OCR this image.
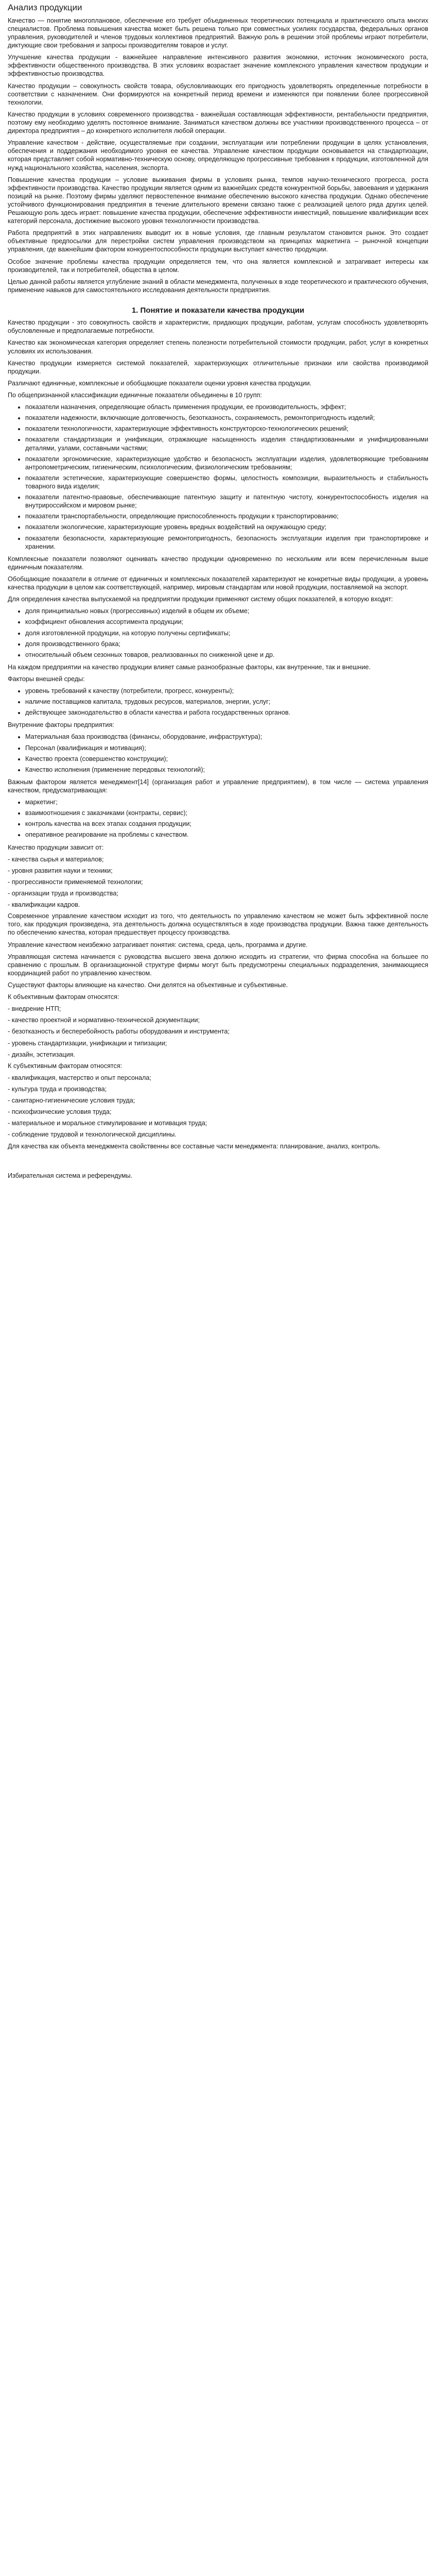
Анализ продукции

Качество — понятие многоплановое, обеспечение его требует объединенных теоретических потенциала и практического опыта многих специалистов. Проблема повышения качества может быть решена только при совместных усилиях государства, федеральных органов управления, руководителей и членов трудовых коллективов предприятий. Важную роль в решении этой проблемы играют потребители, диктующие свои требования и запросы производителям товаров и услуг.

Улучшение качества продукции - важнейшее направление интенсивного развития экономики, источник экономического роста, эффективности общественного производства. В этих условиях возрастает значение комплексного управления качеством продукции и эффективностью производства.

Качество продукции – совокупность свойств товара, обусловливающих его пригодность удовлетворять определенные потребности в соответствии с назначением. Они формируются на конкретный период времени и изменяются при появлении более прогрессивной технологии.

Качество продукции в условиях современного производства - важнейшая составляющая эффективности, рентабельности предприятия, поэтому ему необходимо уделять постоянное внимание. Заниматься качеством должны все участники производственного процесса – от директора предприятия – до конкретного исполнителя любой операции.

Управление качеством - действие, осуществляемые при создании, эксплуатации или потреблении продукции в целях установления, обеспечения и поддержания необходимого уровня ее качества. Управление качеством продукции основывается на стандартизации, которая представляет собой нормативно-техническую основу, определяющую прогрессивные требования к продукции, изготовленной для нужд национального хозяйства, населения, экспорта.

Повышение качества продукции – условие выживания фирмы в условиях рынка, темпов научно-технического прогресса, роста эффективности производства. Качество продукции является одним из важнейших средств конкурентной борьбы, завоевания и удержания позиций на рынке. Поэтому фирмы уделяют первостепенное внимание обеспечению высокого качества продукции. Однако обеспечение устойчивого функционирования предприятия в течение длительного времени связано также с реализацией целого ряда других целей. Решающую роль здесь играет: повышение качества продукции, обеспечение эффективности инвестиций, повышение квалификации всех категорий персонала, достижение высокого уровня технологичности производства.

Работа предприятий в этих направлениях выводит их в новые условия, где главным результатом становится рынок. Это создает объективные предпосылки для перестройки систем управления производством на принципах маркетинга – рыночной концепции управления, где важнейшим фактором конкурентоспособности продукции выступает качество продукции.

Особое значение проблемы качества продукции определяется тем, что она является комплексной и затрагивает интересы как производителей, так и потребителей, общества в целом.

Целью данной работы является углубление знаний в области менеджмента, полученных в ходе теоретического и практического обучения, применение навыков для самостоятельного исследования деятельности предприятия.

1. Понятие и показатели качества продукции

Качество продукции - это совокупность свойств и характеристик, придающих продукции, работам, услугам способность удовлетворять обусловленные и предполагаемые потребности.

Качество как экономическая категория определяет степень полезности потребительной стоимости продукции, работ, услуг в конкретных условиях их использования.

Качество продукции измеряется системой показателей, характеризующих отличительные признаки или свойства производимой продукции.

Различают единичные, комплексные и обобщающие показатели оценки уровня качества продукции.

По общепризнанной классификации единичные показатели объединены в 10 групп:

• показатели назначения, определяющие область применения продукции, ее производительность, эффект;
• показатели надежности, включающие долговечность, безотказность, сохраняемость, ремонтопригодность изделий;
• показатели технологичности, характеризующие эффективность конструкторско-технологических решений;
• показатели стандартизации и унификации, отражающие насыщенность изделия стандартизованными и унифицированными деталями, узлами, составными частями;
• показатели эргономические, характеризующие удобство и безопасность эксплуатации изделия, удовлетворяющие требованиям антропометрическим, гигиеническим, психологическим, физиологическим требованиям;
• показатели эстетические, характеризующие совершенство формы, целостность композиции, выразительность и стабильность товарного вида изделия;
• показатели патентно-правовые, обеспечивающие патентную защиту и патентную чистоту, конкурентоспособность изделия на внутрироссийском и мировом рынке;
• показатели транспортабельности, определяющие приспособленность продукции к транспортированию;
• показатели экологические, характеризующие уровень вредных воздействий на окружающую среду;
• показатели безопасности, характеризующие ремонтопригодность, безопасность эксплуатации изделия при транспортировке и хранении.

Комплексные показатели позволяют оценивать качество продукции одновременно по нескольким или всем перечисленным выше единичным показателям.

Обобщающие показатели в отличие от единичных и комплексных показателей характеризуют не конкретные виды продукции, а уровень качества продукции в целом как соответствующей, например, мировым стандартам или новой продукции, поставляемой на экспорт.

Для определения качества выпускаемой на предприятии продукции применяют систему общих показателей, в которую входят:

• доля принципиально новых (прогрессивных) изделий в общем их объеме;
• коэффициент обновления ассортимента продукции;
• доля изготовленной продукции, на которую получены сертификаты;
• доля производственного брака;
• относительный объем сезонных товаров, реализованных по сниженной цене и др.

На каждом предприятии на качество продукции влияет самые разнообразные факторы, как внутренние, так и внешние.

Факторы внешней среды:

• уровень требований к качеству (потребители, прогресс, конкуренты);
• наличие поставщиков капитала, трудовых ресурсов, материалов, энергии, услуг;
• действующее законодательство в области качества и работа государственных органов.

Внутренние факторы предприятия:

• Материальная база производства (финансы, оборудование, инфраструктура);
• Персонал (квалификация и мотивация);
• Качество проекта (совершенство конструкции);
• Качество исполнения (применение передовых технологий);

Важным фактором является менеджмент[14] (организация работ и управление предприятием), в том числе — система управления качеством, предусматривающая:

• маркетинг;
• взаимоотношения с заказчиками (контракты, сервис);
• контроль качества на всех этапах создания продукции;
• оперативное реагирование на проблемы с качеством.

Качество продукции зависит от:

- качества сырья и материалов;

- уровня развития науки и техники;

- прогрессивности применяемой технологии;

- организации труда и производства;

- квалификации кадров.

Современное управление качеством исходит из того, что деятельность по управлению качеством не может быть эффективной после того, как продукция произведена, эта деятельность должна осуществляться в ходе производства продукции. Важна также деятельность по обеспечению качества, которая предшествует процессу производства.

Управление качеством неизбежно затрагивает понятия: система, среда, цель, программа и другие.

Управляющая система начинается с руководства высшего звена должно исходить из стратегии, что фирма способна на большее по сравнению с прошлым. В организационной структуре фирмы могут быть предусмотрены специальных подразделения, занимающиеся координацией работ по управлению качеством.

Существуют факторы влияющие на качество. Они делятся на объективные и субъективные.

К объективным факторам относятся:

- внедрение НТП;

- качество проектной и нормативно-технической документации;

- безотказность и бесперебойность работы оборудования и инструмента;

- уровень стандартизации, унификации и типизации;

- дизайн, эстетизация.

К субъективным факторам относятся:

- квалификация, мастерство и опыт персонала;

- культура труда и производства;

- санитарно-гигиенические условия труда;

- психофизические условия труда;

- материальное и моральное стимулирование и мотивация труда;

- соблюдение трудовой и технологической дисциплины.

Для качества как объекта менеджмента свойственны все составные части менеджмента: планирование, анализ, контроль.

Избирательная система и референдумы.
